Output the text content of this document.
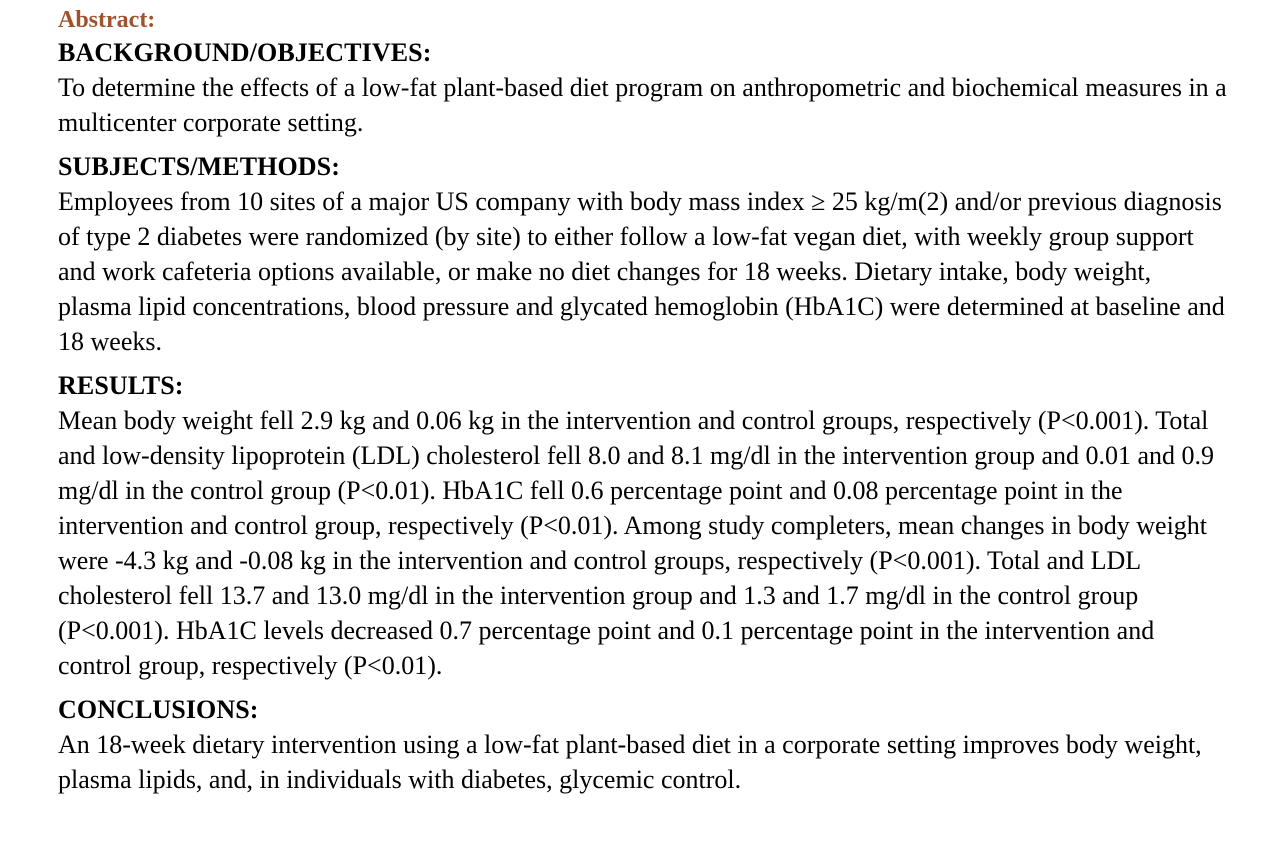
Abstract:
BACKGROUND/OBJECTIVES:

To determine the effects of a low-fat plant-based diet program on anthropometric and biochemical measures in a multicenter corporate setting.

SUBJECTS/METHODS:

Employees from 10 sites of a major US company with body mass index ≥ 25 kg/m(2) and/or previous diagnosis of type 2 diabetes were randomized (by site) to either follow a low-fat vegan diet, with weekly group support and work cafeteria options available, or make no diet changes for 18 weeks. Dietary intake, body weight, plasma lipid concentrations, blood pressure and glycated hemoglobin (HbA1C) were determined at baseline and 18 weeks.

RESULTS:

Mean body weight fell 2.9 kg and 0.06 kg in the intervention and control groups, respectively (P<0.001). Total and low-density lipoprotein (LDL) cholesterol fell 8.0 and 8.1 mg/dl in the intervention group and 0.01 and 0.9 mg/dl in the control group (P<0.01). HbA1C fell 0.6 percentage point and 0.08 percentage point in the intervention and control group, respectively (P<0.01). Among study completers, mean changes in body weight were -4.3 kg and -0.08 kg in the intervention and control groups, respectively (P<0.001). Total and LDL cholesterol fell 13.7 and 13.0 mg/dl in the intervention group and 1.3 and 1.7 mg/dl in the control group (P<0.001). HbA1C levels decreased 0.7 percentage point and 0.1 percentage point in the intervention and control group, respectively (P<0.01).

CONCLUSIONS:

An 18-week dietary intervention using a low-fat plant-based diet in a corporate setting improves body weight, plasma lipids, and, in individuals with diabetes, glycemic control.
